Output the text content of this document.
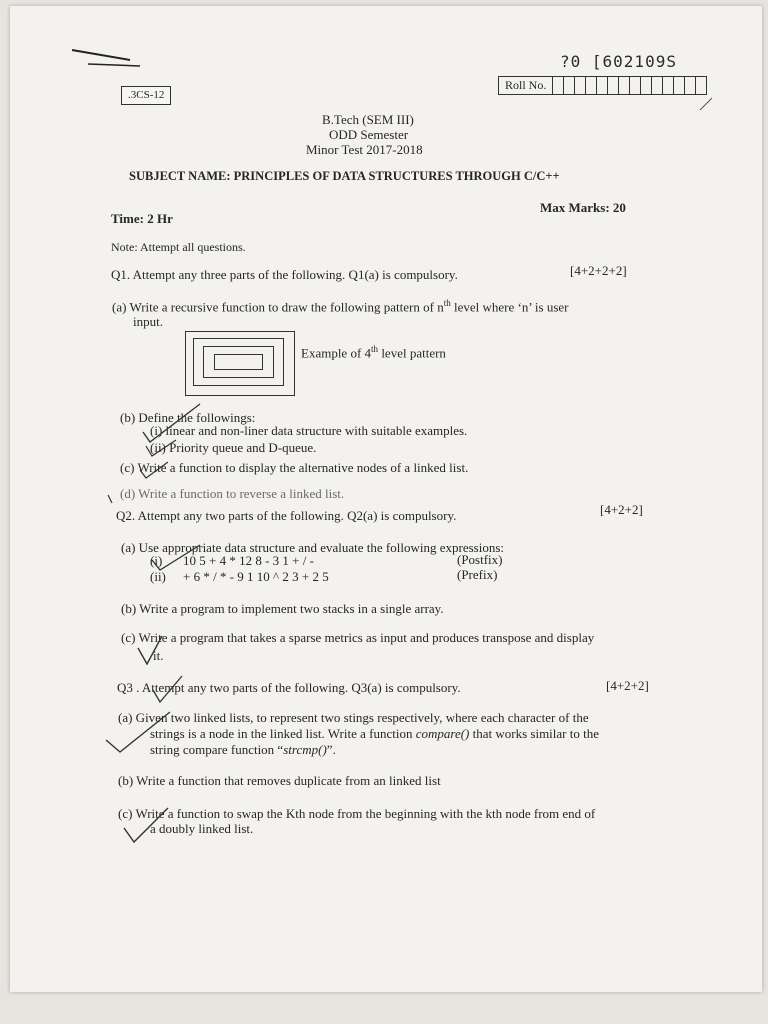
?0 [602109S
.3CS-12
Roll No.
B.Tech (SEM III)
ODD Semester
Minor Test 2017-2018
SUBJECT NAME: PRINCIPLES OF DATA STRUCTURES THROUGH C/C++
Max Marks: 20
Time: 2 Hr
Note: Attempt all questions.
Q1. Attempt any three parts of the following. Q1(a) is compulsory.	[4+2+2+2]
(a) Write a recursive function to draw the following pattern of $n^{th}$ level where ‘n’ is user
input.
Example of 4th level pattern
(b) Define the followings:
(i) linear and non-liner data structure with suitable examples.
(ii) Priority queue and D-queue.
(c) Write a function to display the alternative nodes of a linked list.
(d) Write a function to reverse a linked list.
Q2. Attempt any two parts of the following. Q2(a) is compulsory.	[4+2+2]
(a) Use appropriate data structure and evaluate the following expressions:
(i) 10 5 + 4 * 12 8 - 3 1 + / -	(Postfix)
(ii) + 6 * / * - 9 1 10 ^ 2 3 + 2 5	(Prefix)
(b) Write a program to implement two stacks in a single array.
(c) Write a program that takes a sparse metrics as input and produces transpose and display
it.
Q3 . Attempt any two parts of the following. Q3(a) is compulsory.	[4+2+2]
(a) Given two linked lists, to represent two stings respectively, where each character of the
strings is a node in the linked list. Write a function compare() that works similar to the
string compare function “strcmp()”.
(b) Write a function that removes duplicate from an linked list
(c) Write a function to swap the Kth node from the beginning with the kth node from end of
a doubly linked list.
